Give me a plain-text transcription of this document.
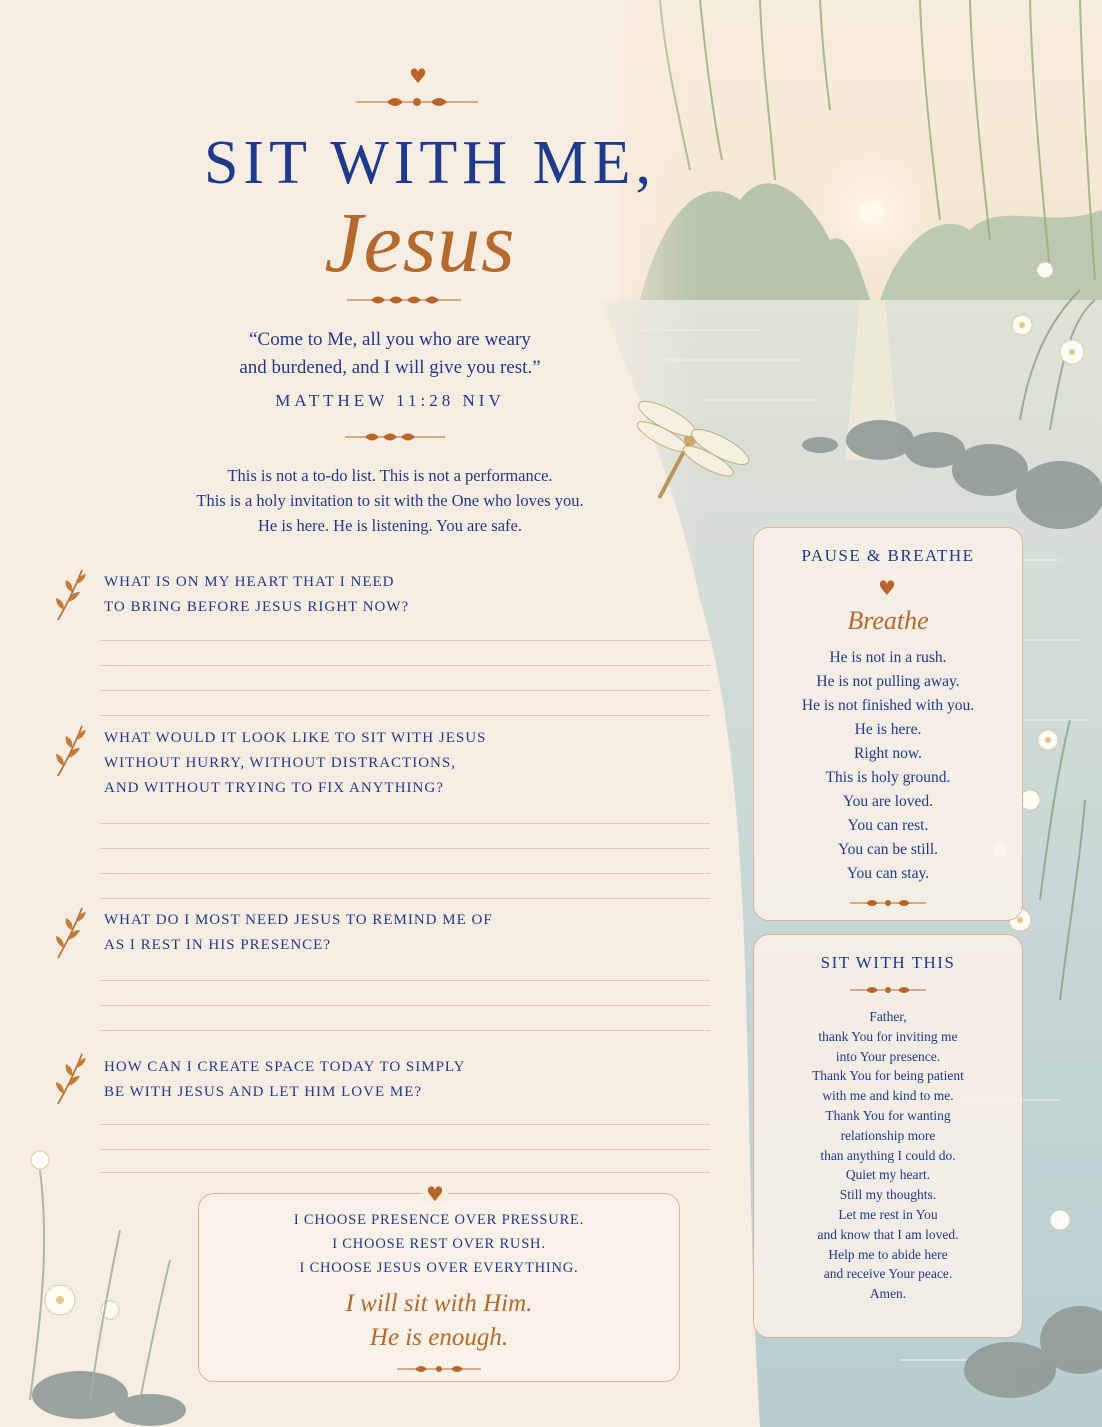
♥
SIT WITH ME,
Jesus
“Come to Me, all you who are weary
and burdened, and I will give you rest.”
MATTHEW 11:28 NIV
This is not a to-do list. This is not a performance.
This is a holy invitation to sit with the One who loves you.
He is here. He is listening. You are safe.
WHAT IS ON MY HEART THAT I NEED
TO BRING BEFORE JESUS RIGHT NOW?
WHAT WOULD IT LOOK LIKE TO SIT WITH JESUS
WITHOUT HURRY, WITHOUT DISTRACTIONS,
AND WITHOUT TRYING TO FIX ANYTHING?
WHAT DO I MOST NEED JESUS TO REMIND ME OF
AS I REST IN HIS PRESENCE?
HOW CAN I CREATE SPACE TODAY TO SIMPLY
BE WITH JESUS AND LET HIM LOVE ME?
PAUSE & BREATHE
♥
Breathe
He is not in a rush.
He is not pulling away.
He is not finished with you.
He is here.
Right now.
This is holy ground.
You are loved.
You can rest.
You can be still.
You can stay.
SIT WITH THIS
Father,
thank You for inviting me
into Your presence.
Thank You for being patient
with me and kind to me.
Thank You for wanting
relationship more
than anything I could do.
Quiet my heart.
Still my thoughts.
Let me rest in You
and know that I am loved.
Help me to abide here
and receive Your peace.
Amen.
♥
I CHOOSE PRESENCE OVER PRESSURE.
I CHOOSE REST OVER RUSH.
I CHOOSE JESUS OVER EVERYTHING.
I will sit with Him.
He is enough.
